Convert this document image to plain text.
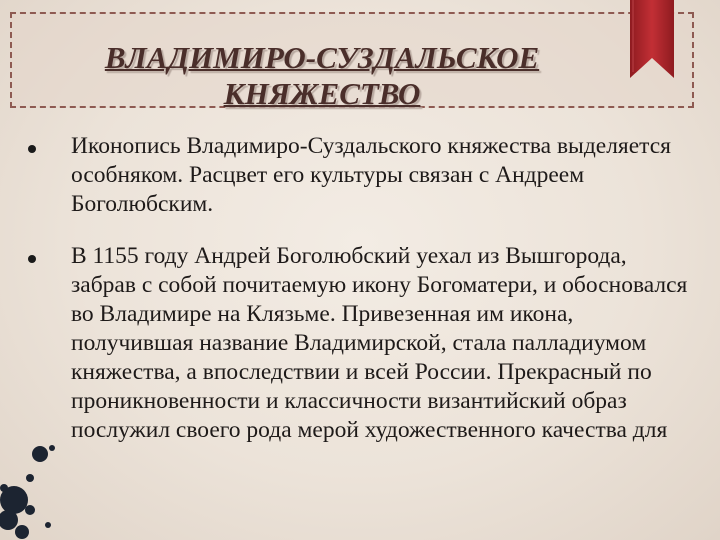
ВЛАДИМИРО-СУЗДАЛЬСКОЕ
КНЯЖЕСТВО
Иконопись Владимиро-Суздальского княжества выделяется особняком. Расцвет его культуры связан с Андреем Боголюбским.
В 1155 году Андрей Боголюбский уехал из Вышгорода, забрав с собой почитаемую икону Богоматери, и обосновался во Владимире на Клязьме. Привезенная им икона, получившая название Владимирской, стала палладиумом княжества, а впоследствии и всей России. Прекрасный по проникновенности и классичности византийский образ послужил своего рода мерой художественного качества для
